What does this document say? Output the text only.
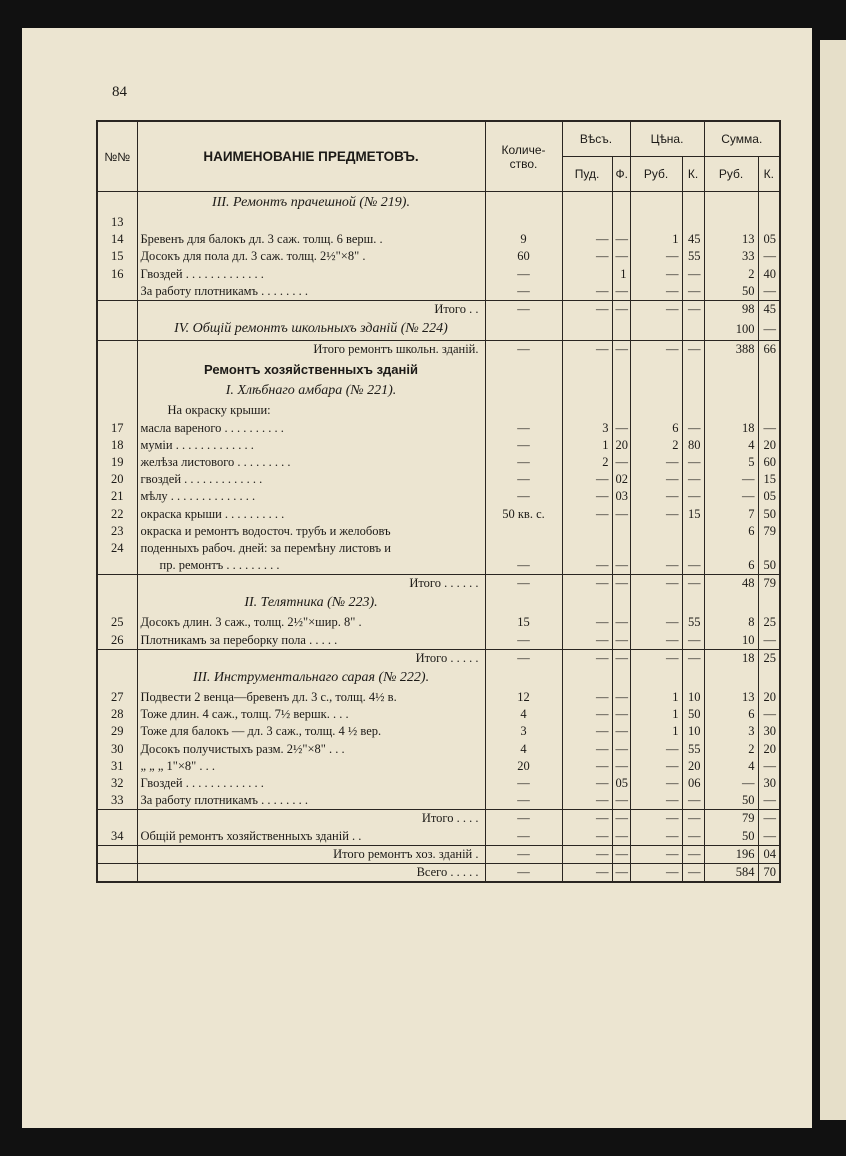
84
№№	НАИМЕНОВАНІЕ ПРЕДМЕТОВЪ.	Количе-ство.	Вѣсъ.		Цѣна.		Сумма.	
			Пуд.	Ф.	Руб.	К.	Руб.	К.
	III. Ремонтъ прачешной (№ 219).							
13								
14	Бревенъ для балокъ дл. 3 саж. толщ. 6 верш. .	9	—	—	1	45	13	05
15	Досокъ для пола дл. 3 саж. толщ. 2½"×8" .	60	—	—	—	55	33	—
16	Гвоздей . . . . . . . . . . . . .	—		1	—	—	2	40
	За работу плотникамъ . . . . . . . .	—	—	—	—	—	50	—
	Итого . .	—	—	—	—	—	98	45
	IV. Общій ремонтъ школьныхъ зданій (№ 224)						100	—
	Итого ремонтъ школьн. зданій.	—	—	—	—	—	388	66
	Ремонтъ хозяйственныхъ зданій							
	I. Хлѣбнаго амбара (№ 221).							
	На окраску крыши:							
17	масла вареного . . . . . . . . . .	—	3	—	6	—	18	—
18	муміи . . . . . . . . . . . . .	—	1	20	2	80	4	20
19	желѣза листового . . . . . . . . .	—	2	—	—	—	5	60
20	гвоздей . . . . . . . . . . . . .	—	—	02	—	—	—	15
21	мѣлу . . . . . . . . . . . . . .	—	—	03	—	—	—	05
22	окраска крыши . . . . . . . . . .	50 кв. с.	—	—	—	15	7	50
23	окраска и ремонтъ водосточ. трубъ и желобовъ						6	79
24	поденныхъ рабоч. дней: за перемѣну листовъ и							
	пр. ремонтъ . . . . . . . . .	—	—	—	—	—	6	50
	Итого . . . . . .	—	—	—	—	—	48	79
	II. Телятника (№ 223).							
25	Досокъ длин. 3 саж., толщ. 2½"×шир. 8" .	15	—	—	—	55	8	25
26	Плотникамъ за переборку пола . . . . .	—	—	—	—	—	10	—
	Итого . . . . .	—	—	—	—	—	18	25
	III. Инструментальнаго сарая (№ 222).							
27	Подвести 2 венца—бревенъ дл. 3 с., толщ. 4½ в.	12	—	—	1	10	13	20
28	Тоже длин. 4 саж., толщ. 7½ вершк. . . .	4	—	—	1	50	6	—
29	Тоже для балокъ — дл. 3 саж., толщ. 4 ½ вер.	3	—	—	1	10	3	30
30	Досокъ получистыхъ разм. 2½"×8" . . .	4	—	—	—	55	2	20
31	„ „ „ 1"×8" . . .	20	—	—	—	20	4	—
32	Гвоздей . . . . . . . . . . . . .	—	—	05	—	06	—	30
33	За работу плотникамъ . . . . . . . .	—	—	—	—	—	50	—
	Итого . . . .	—	—	—	—	—	79	—
34	Общій ремонтъ хозяйственныхъ зданій . .	—	—	—	—	—	50	—
	Итого ремонтъ хоз. зданій .	—	—	—	—	—	196	04
	Всего . . . . .	—	—	—	—	—	584	70
